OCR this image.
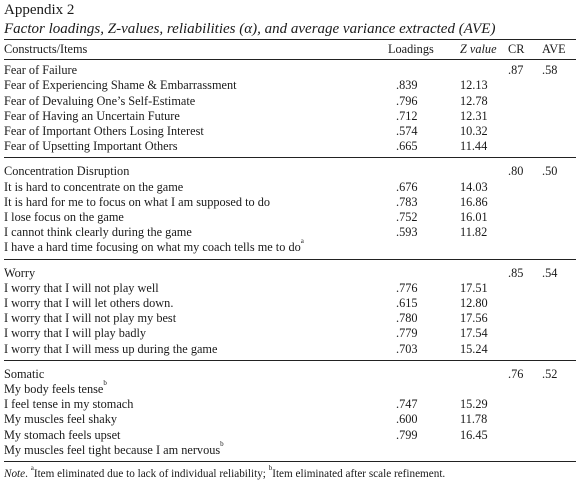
Appendix 2
Factor loadings, Z-values, reliabilities (α), and average variance extracted (AVE)
Constructs/Items	Loadings	Z value	CR	AVE
Fear of Failure			.87	.58
Fear of Experiencing Shame & Embarrassment	.839	12.13		
Fear of Devaluing One’s Self-Estimate	.796	12.78		
Fear of Having an Uncertain Future	.712	12.31		
Fear of Important Others Losing Interest	.574	10.32		
Fear of Upsetting Important Others	.665	11.44		
Concentration Disruption			.80	.50
It is hard to concentrate on the game	.676	14.03		
It is hard for me to focus on what I am supposed to do	.783	16.86		
I lose focus on the game	.752	16.01		
I cannot think clearly during the game	.593	11.82		
I have a hard time focusing on what my coach tells me to $do^a$				
Worry			.85	.54
I worry that I will not play well	.776	17.51		
I worry that I will let others down.	.615	12.80		
I worry that I will not play my best	.780	17.56		
I worry that I will play badly	.779	17.54		
I worry that I will mess up during the game	.703	15.24		
Somatic			.76	.52
My body feels tense$^b$				
I feel tense in my stomach	.747	15.29		
My muscles feel shaky	.600	11.78		
My stomach feels upset	.799	16.45		
My muscles feel tight because I am nervous$^b$				
Note. $^a$Item eliminated due to lack of individual reliability; $^b$Item eliminated after scale refinement.
